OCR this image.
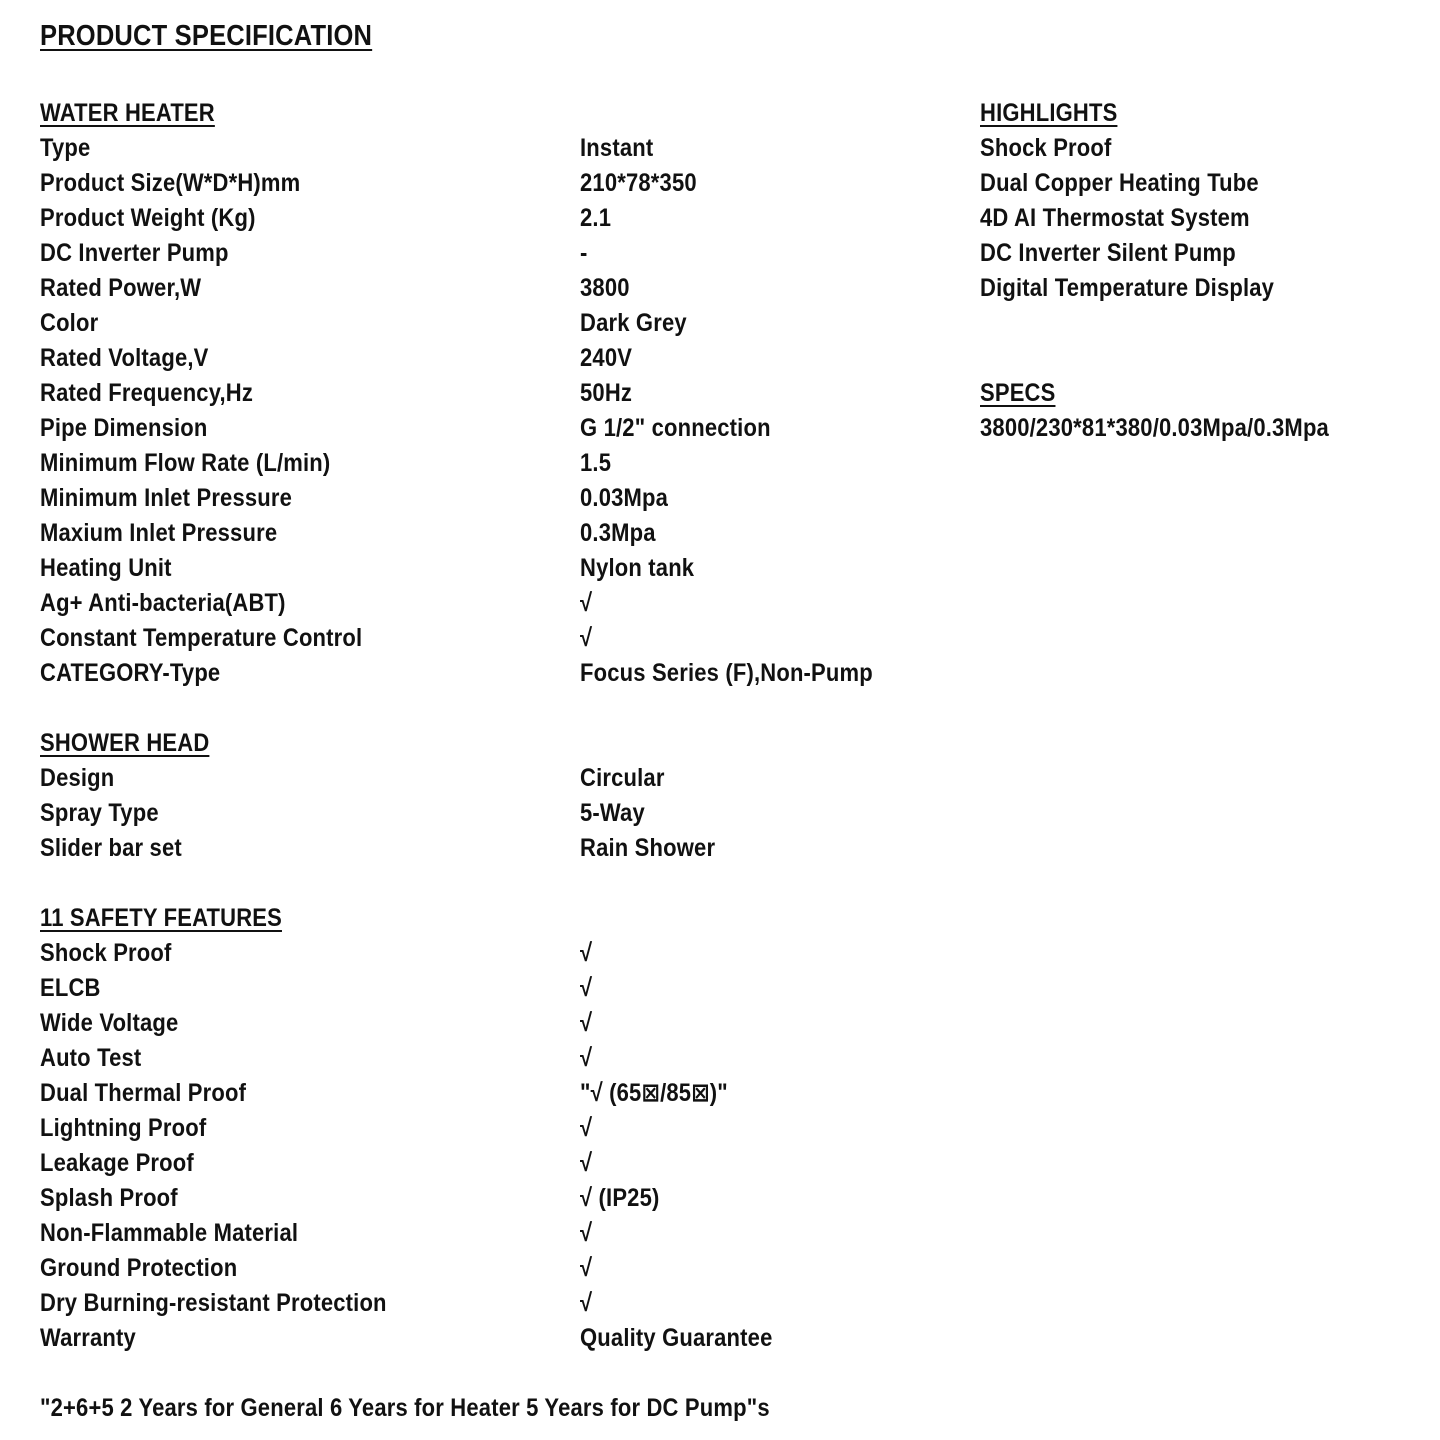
PRODUCT SPECIFICATION
WATER HEATER
Type	Instant
Product Size(W*D*H)mm	210*78*350
Product Weight (Kg)	2.1
DC Inverter Pump	-
Rated Power,W	3800
Color	Dark Grey
Rated Voltage,V	240V
Rated Frequency,Hz	50Hz
Pipe Dimension	G 1/2" connection
Minimum Flow Rate (L/min)	1.5
Minimum Inlet Pressure	0.03Mpa
Maxium Inlet Pressure	0.3Mpa
Heating Unit	Nylon tank
Ag+ Anti-bacteria(ABT)	√
Constant Temperature Control	√
CATEGORY-Type	Focus Series (F),Non-Pump
SHOWER HEAD
Design	Circular
Spray Type	5-Way
Slider bar set	Rain Shower
11 SAFETY FEATURES
Shock Proof	√
ELCB	√
Wide Voltage	√
Auto Test	√
Dual Thermal Proof	"√ (65⊠/85⊠)"
Lightning Proof	√
Leakage Proof	√
Splash Proof	√ (IP25)
Non-Flammable Material	√
Ground Protection	√
Dry Burning-resistant Protection	√
Warranty	Quality Guarantee
"2+6+5 2 Years for General 6 Years for Heater 5 Years for DC Pump"s
HIGHLIGHTS
Shock Proof
Dual Copper Heating Tube
4D AI Thermostat System
DC Inverter Silent Pump
Digital Temperature Display
SPECS
3800/230*81*380/0.03Mpa/0.3Mpa
